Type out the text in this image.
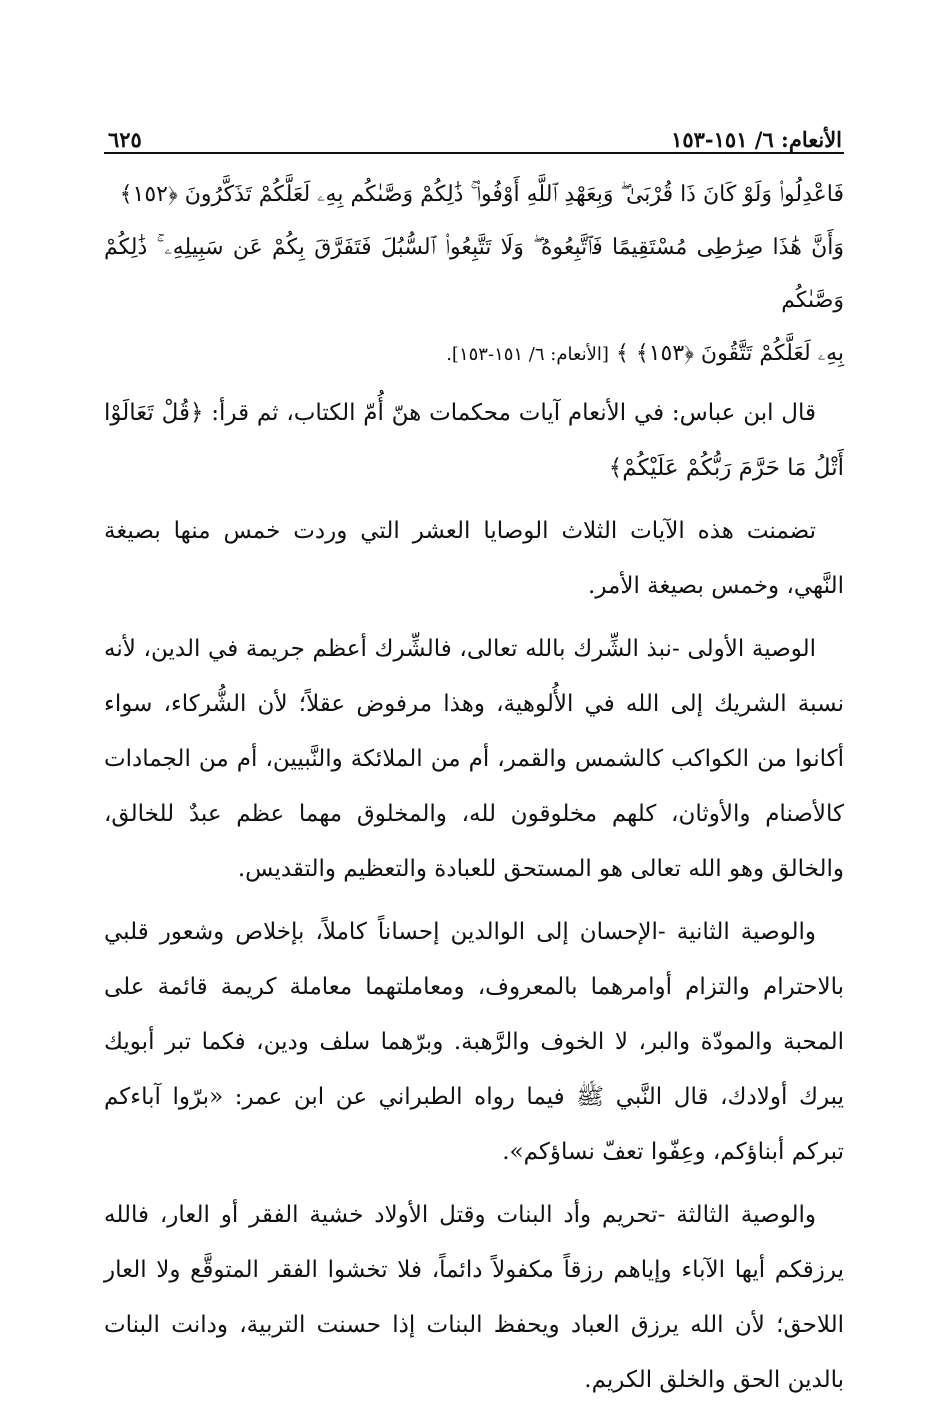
الأنعام: ٦/ ١٥١-١٥٣
٦٢٥
فَاعْدِلُوا۟ وَلَوْ كَانَ ذَا قُرْبَىٰ ۖ وَبِعَهْدِ ٱللَّهِ أَوْفُوا۟ ۚ ذَٰلِكُمْ وَصَّىٰكُم بِهِۦ لَعَلَّكُمْ تَذَكَّرُونَ ﴿١٥٢﴾
وَأَنَّ هَٰذَا صِرَٰطِى مُسْتَقِيمًا فَٱتَّبِعُوهُ ۖ وَلَا تَتَّبِعُوا۟ ٱلسُّبُلَ فَتَفَرَّقَ بِكُمْ عَن سَبِيلِهِۦ ۚ ذَٰلِكُمْ وَصَّىٰكُم
بِهِۦ لَعَلَّكُمْ تَتَّقُونَ ﴿١٥٣﴾ ﴾ [الأنعام: ٦/ ١٥١-١٥٣].

قال ابن عباس: في الأنعام آيات محكمات هنّ أُمّ الكتاب، ثم قرأ: ﴿قُلْ تَعَالَوْا أَتْلُ مَا حَرَّمَ رَبُّكُمْ عَلَيْكُمْ﴾

تضمنت هذه الآيات الثلاث الوصايا العشر التي وردت خمس منها بصيغة النَّهي، وخمس بصيغة الأمر.

الوصية الأولى -نبذ الشِّرك بالله تعالى، فالشِّرك أعظم جريمة في الدين، لأنه نسبة الشريك إلى الله في الأُلوهية، وهذا مرفوض عقلاً؛ لأن الشُّركاء، سواء أكانوا من الكواكب كالشمس والقمر، أم من الملائكة والنَّبيين، أم من الجمادات كالأصنام والأوثان، كلهم مخلوقون لله، والمخلوق مهما عظم عبدٌ للخالق، والخالق وهو الله تعالى هو المستحق للعبادة والتعظيم والتقديس.

والوصية الثانية -الإحسان إلى الوالدين إحساناً كاملاً، بإخلاص وشعور قلبي بالاحترام والتزام أوامرهما بالمعروف، ومعاملتهما معاملة كريمة قائمة على المحبة والمودّة والبر، لا الخوف والرَّهبة. وبرّهما سلف ودين، فكما تبر أبويك يبرك أولادك، قال النَّبي ﷺ فيما رواه الطبراني عن ابن عمر: «برّوا آباءكم تبركم أبناؤكم، وعِفّوا تعفّ نساؤكم».

والوصية الثالثة -تحريم وأد البنات وقتل الأولاد خشية الفقر أو العار، فالله يرزقكم أيها الآباء وإياهم رزقاً مكفولاً دائماً، فلا تخشوا الفقر المتوقَّع ولا العار اللاحق؛ لأن الله يرزق العباد ويحفظ البنات إذا حسنت التربية، ودانت البنات بالدين الحق والخلق الكريم.
